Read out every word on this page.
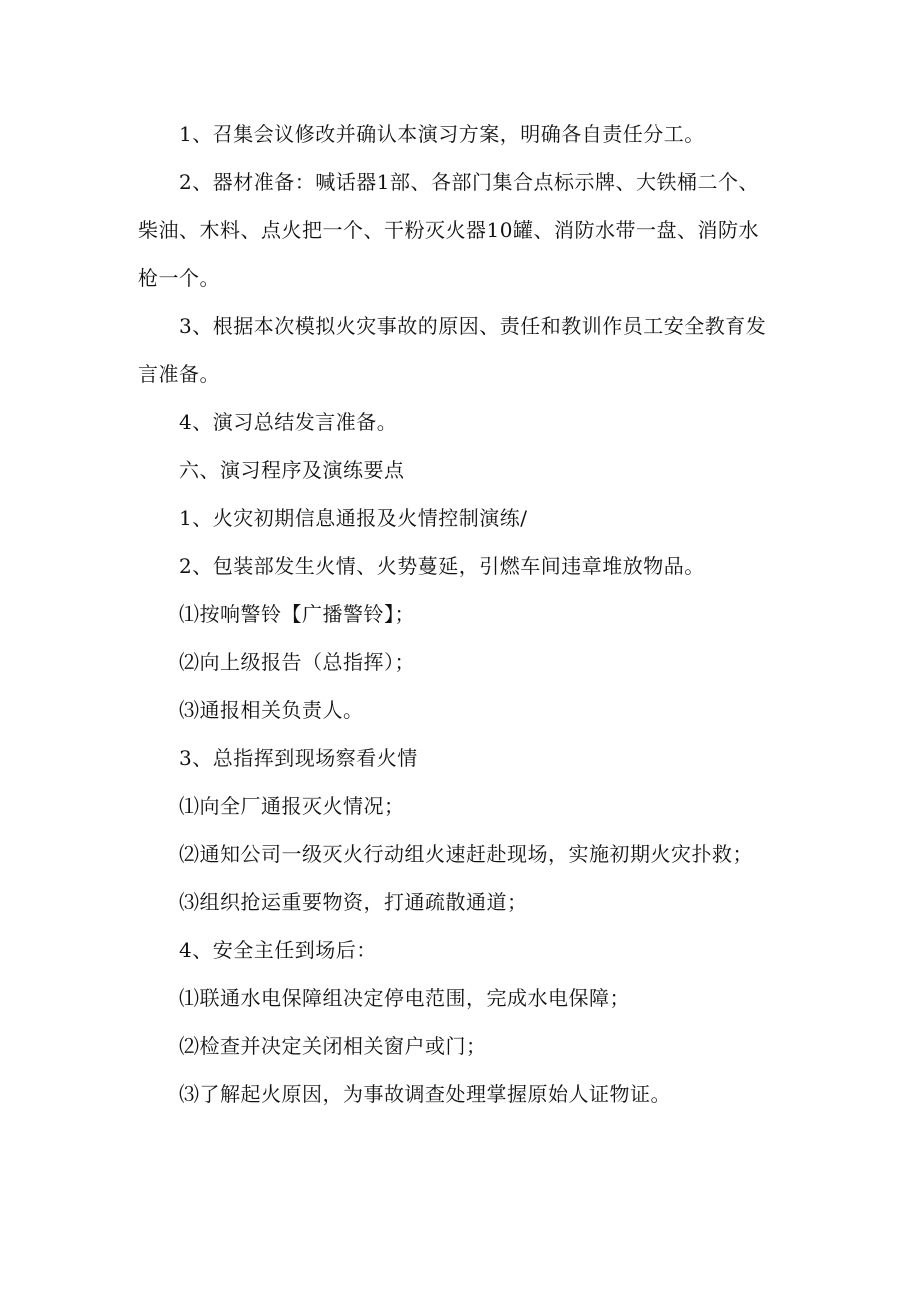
1、召集会议修改并确认本演习方案，明确各自责任分工。

2、器材准备：喊话器1部、各部门集合点标示牌、大铁桶二个、柴油、木料、点火把一个、干粉灭火器10罐、消防水带一盘、消防水枪一个。

3、根据本次模拟火灾事故的原因、责任和教训作员工安全教育发言准备。

4、演习总结发言准备。

六、演习程序及演练要点

1、火灾初期信息通报及火情控制演练/

2、包装部发生火情、火势蔓延，引燃车间违章堆放物品。

⑴按响警铃【广播警铃】；

⑵向上级报告（总指挥）；

⑶通报相关负责人。

3、总指挥到现场察看火情

⑴向全厂通报灭火情况；

⑵通知公司一级灭火行动组火速赶赴现场，实施初期火灾扑救；

⑶组织抢运重要物资，打通疏散通道；

4、安全主任到场后：

⑴联通水电保障组决定停电范围，完成水电保障；

⑵检查并决定关闭相关窗户或门；

⑶了解起火原因，为事故调查处理掌握原始人证物证。
